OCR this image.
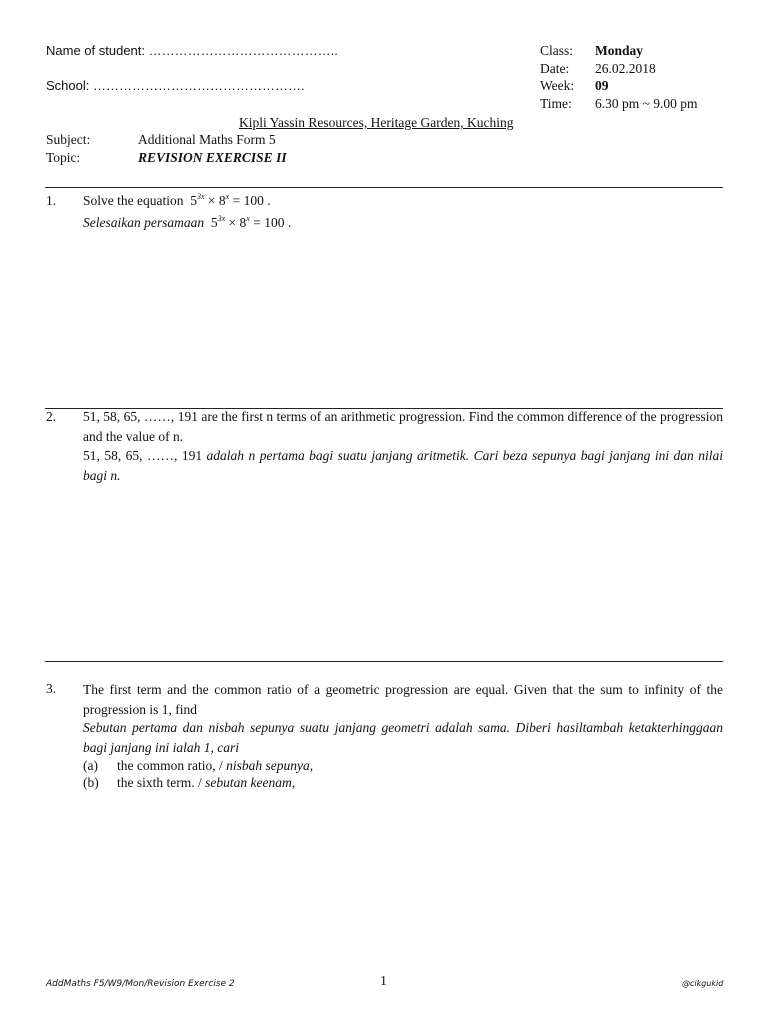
Name of student: ……………………………………..
School: ………………………………………….
Class: Monday
Date: 26.02.2018
Week: 09
Time: 6.30 pm ~ 9.00 pm
Kipli Yassin Resources, Heritage Garden, Kuching
Subject:	Additional Maths Form 5
Topic:	REVISION EXERCISE II
1. Solve the equation $5^{3x} \times 8^x = 100$ .
Selesaikan persamaan $5^{3x} \times 8^x = 100$ .
2. 51, 58, 65, ……, 191 are the first n terms of an arithmetic progression. Find the common difference of the progression and the value of n.
51, 58, 65, ……, 191 adalah n pertama bagi suatu janjang aritmetik. Cari beza sepunya bagi janjang ini dan nilai bagi n.
3. The first term and the common ratio of a geometric progression are equal. Given that the sum to infinity of the progression is 1, find
Sebutan pertama dan nisbah sepunya suatu janjang geometri adalah sama. Diberi hasiltambah ketakterhinggaan bagi janjang ini ialah 1, cari
(a) the common ratio, / nisbah sepunya,
(b) the sixth term. / sebutan keenam,
AddMaths F5/W9/Mon/Revision Exercise 2	1	@cikgukid
